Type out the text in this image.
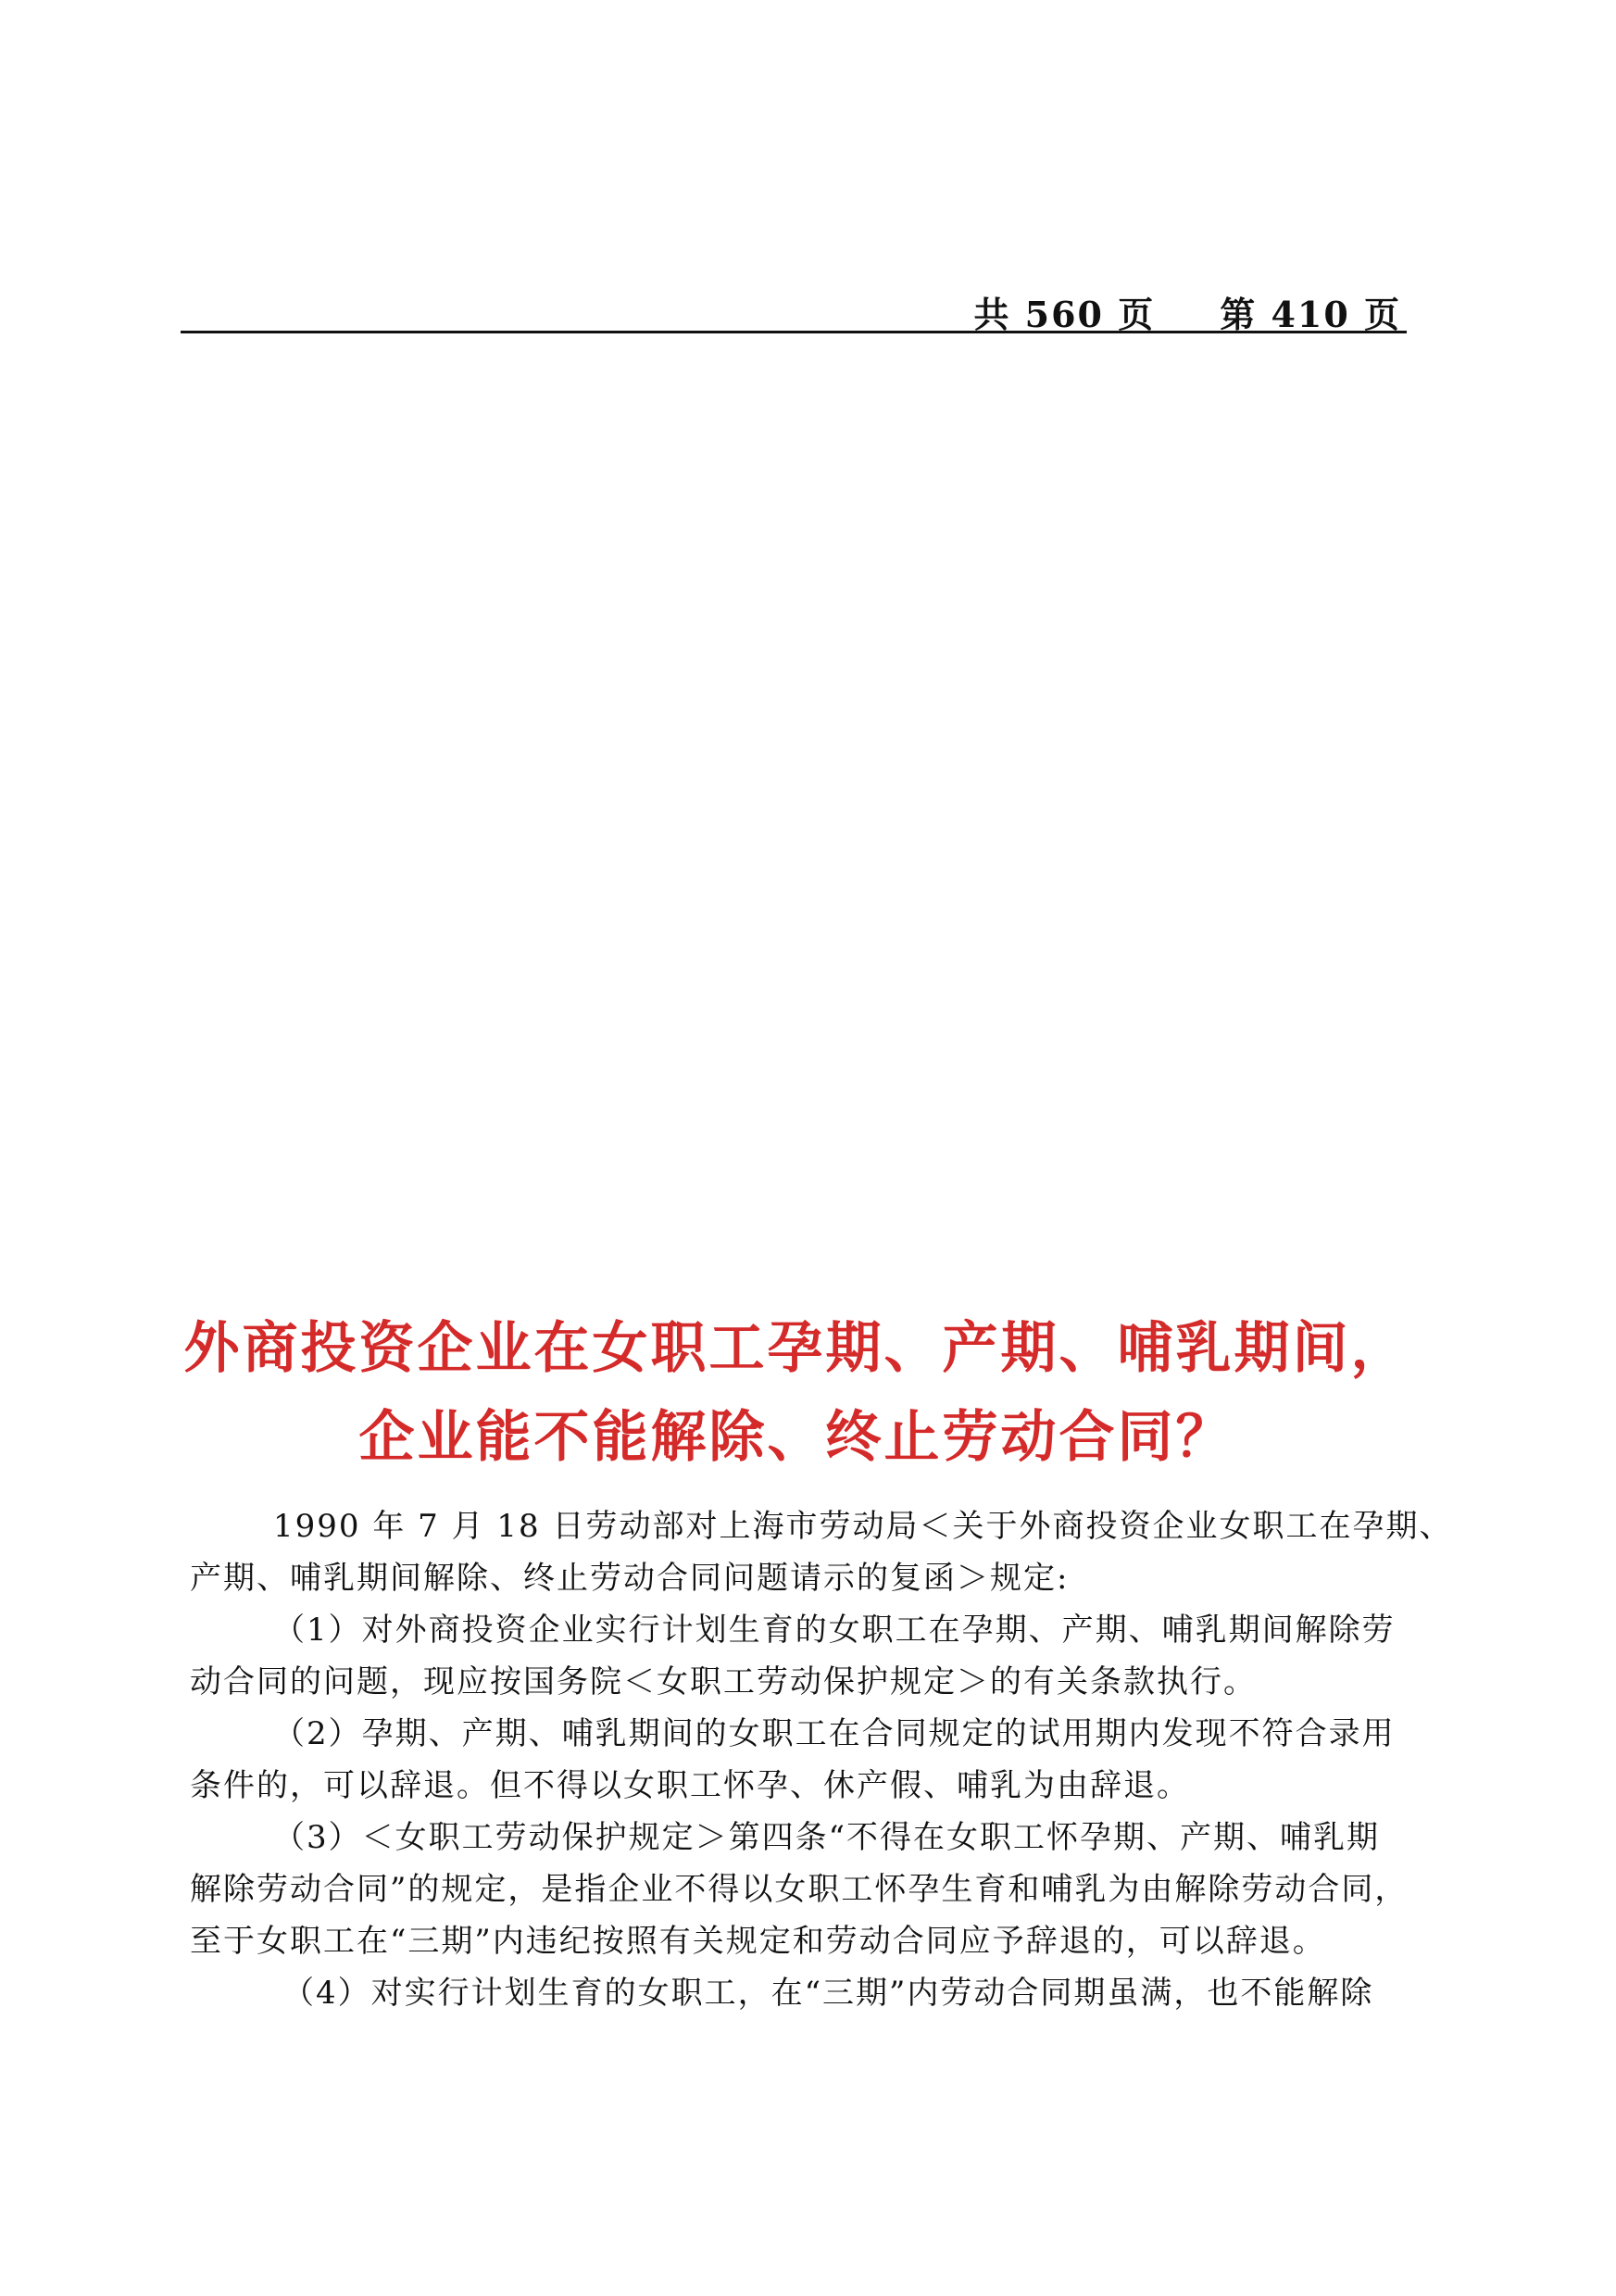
共 560 页 第 410 页
外商投资企业在女职工孕期、产期、哺乳期间，
企业能不能解除、终止劳动合同？
1990 年 7 月 18 日劳动部对上海市劳动局＜关于外商投资企业女职工在孕期、
产期、哺乳期间解除、终止劳动合同问题请示的复函＞规定:
（1）对外商投资企业实行计划生育的女职工在孕期、产期、哺乳期间解除劳
动合同的问题，现应按国务院＜女职工劳动保护规定＞的有关条款执行。
（2）孕期、产期、哺乳期间的女职工在合同规定的试用期内发现不符合录用
条件的，可以辞退。但不得以女职工怀孕、休产假、哺乳为由辞退。
（3）＜女职工劳动保护规定＞第四条“不得在女职工怀孕期、产期、哺乳期
解除劳动合同”的规定，是指企业不得以女职工怀孕生育和哺乳为由解除劳动合同，
至于女职工在“三期”内违纪按照有关规定和劳动合同应予辞退的，可以辞退。
（4）对实行计划生育的女职工，在“三期”内劳动合同期虽满，也不能解除
